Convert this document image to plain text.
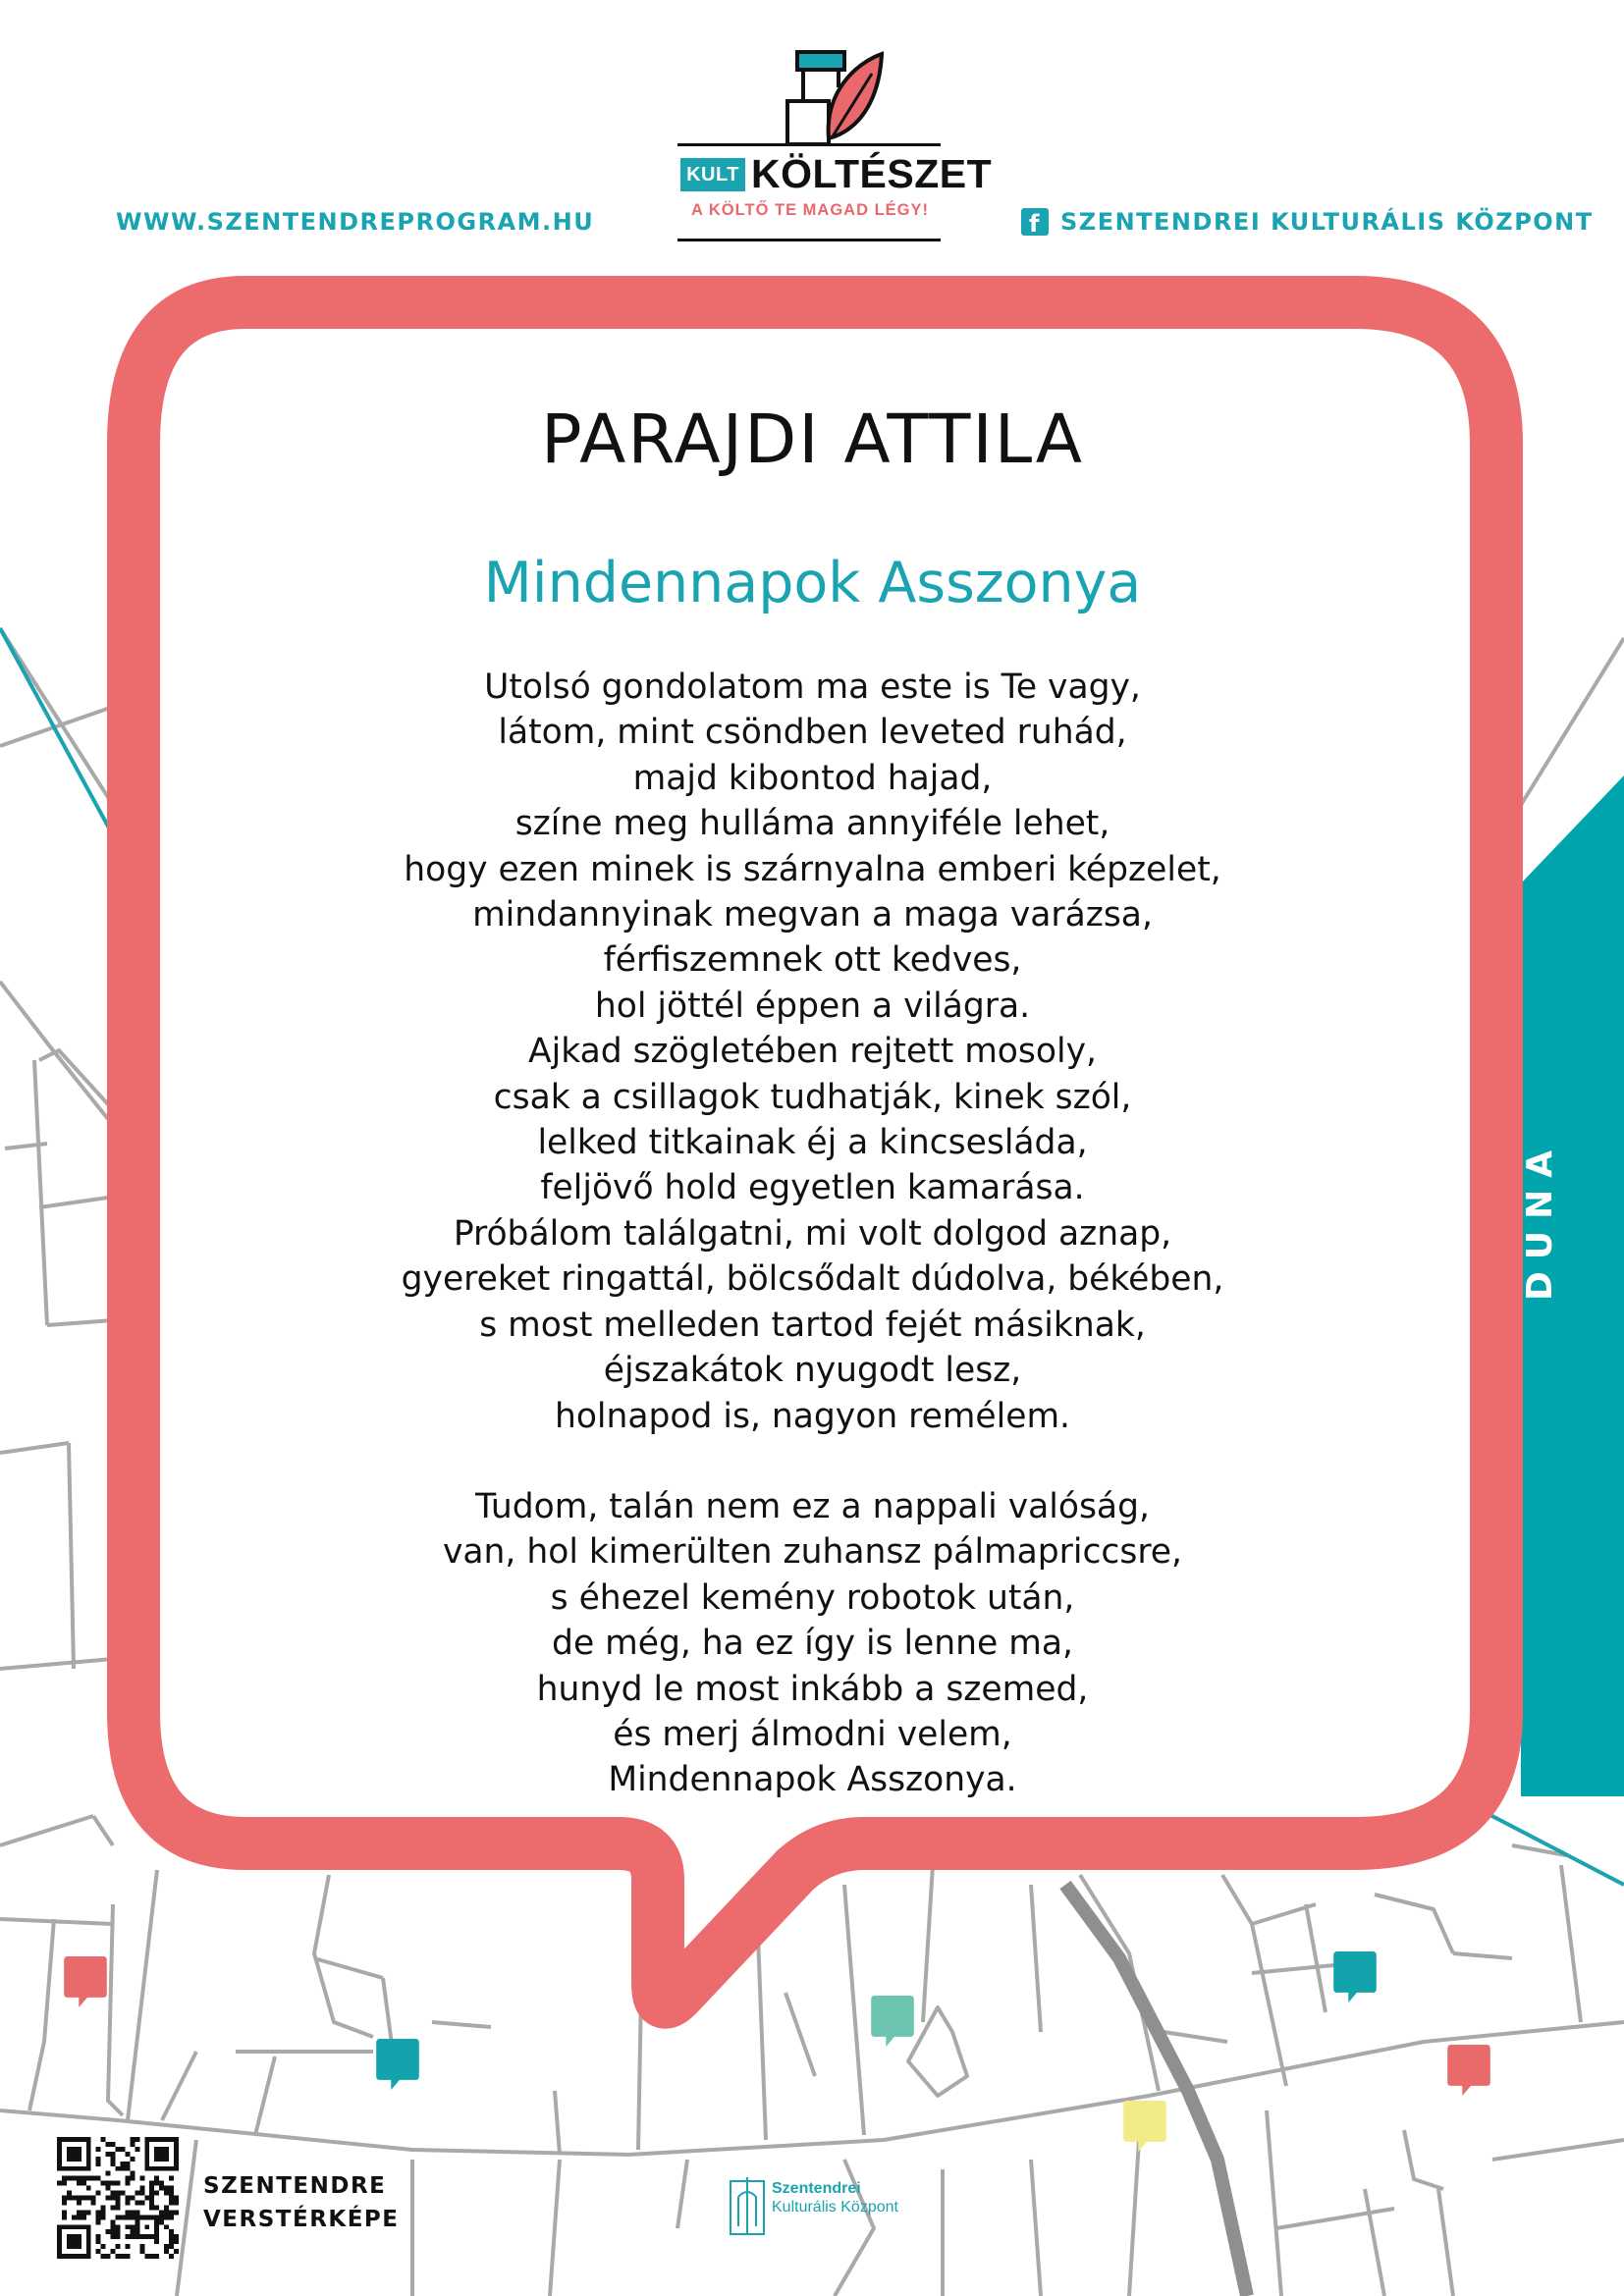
DUNA
WWW.SZENTENDREPROGRAM.HU	f SZENTENDREI KULTURÁLIS KÖZPONT
KULT KÖLTÉSZET
A KÖLTŐ TE MAGAD LÉGY!
PARAJDI ATTILA
Mindennapok Asszonya
Utolsó gondolatom ma este is Te vagy,
látom, mint csöndben leveted ruhád,
majd kibontod hajad,
színe meg hulláma annyiféle lehet,
hogy ezen minek is szárnyalna emberi képzelet,
mindannyinak megvan a maga varázsa,
férfiszemnek ott kedves,
hol jöttél éppen a világra.
Ajkad szögletében rejtett mosoly,
csak a csillagok tudhatják, kinek szól,
lelked titkainak éj a kincsesláda,
feljövő hold egyetlen kamarása.
Próbálom találgatni, mi volt dolgod aznap,
gyereket ringattál, bölcsődalt dúdolva, békében,
s most melleden tartod fejét másiknak,
éjszakátok nyugodt lesz,
holnapod is, nagyon remélem.
Tudom, talán nem ez a nappali valóság,
van, hol kimerülten zuhansz pálmapriccsre,
s éhezel kemény robotok után,
de még, ha ez így is lenne ma,
hunyd le most inkább a szemed,
és merj álmodni velem,
Mindennapok Asszonya.
SZENTENDRE
VERSTÉRKÉPE
Szentendrei
Kulturális Központ
